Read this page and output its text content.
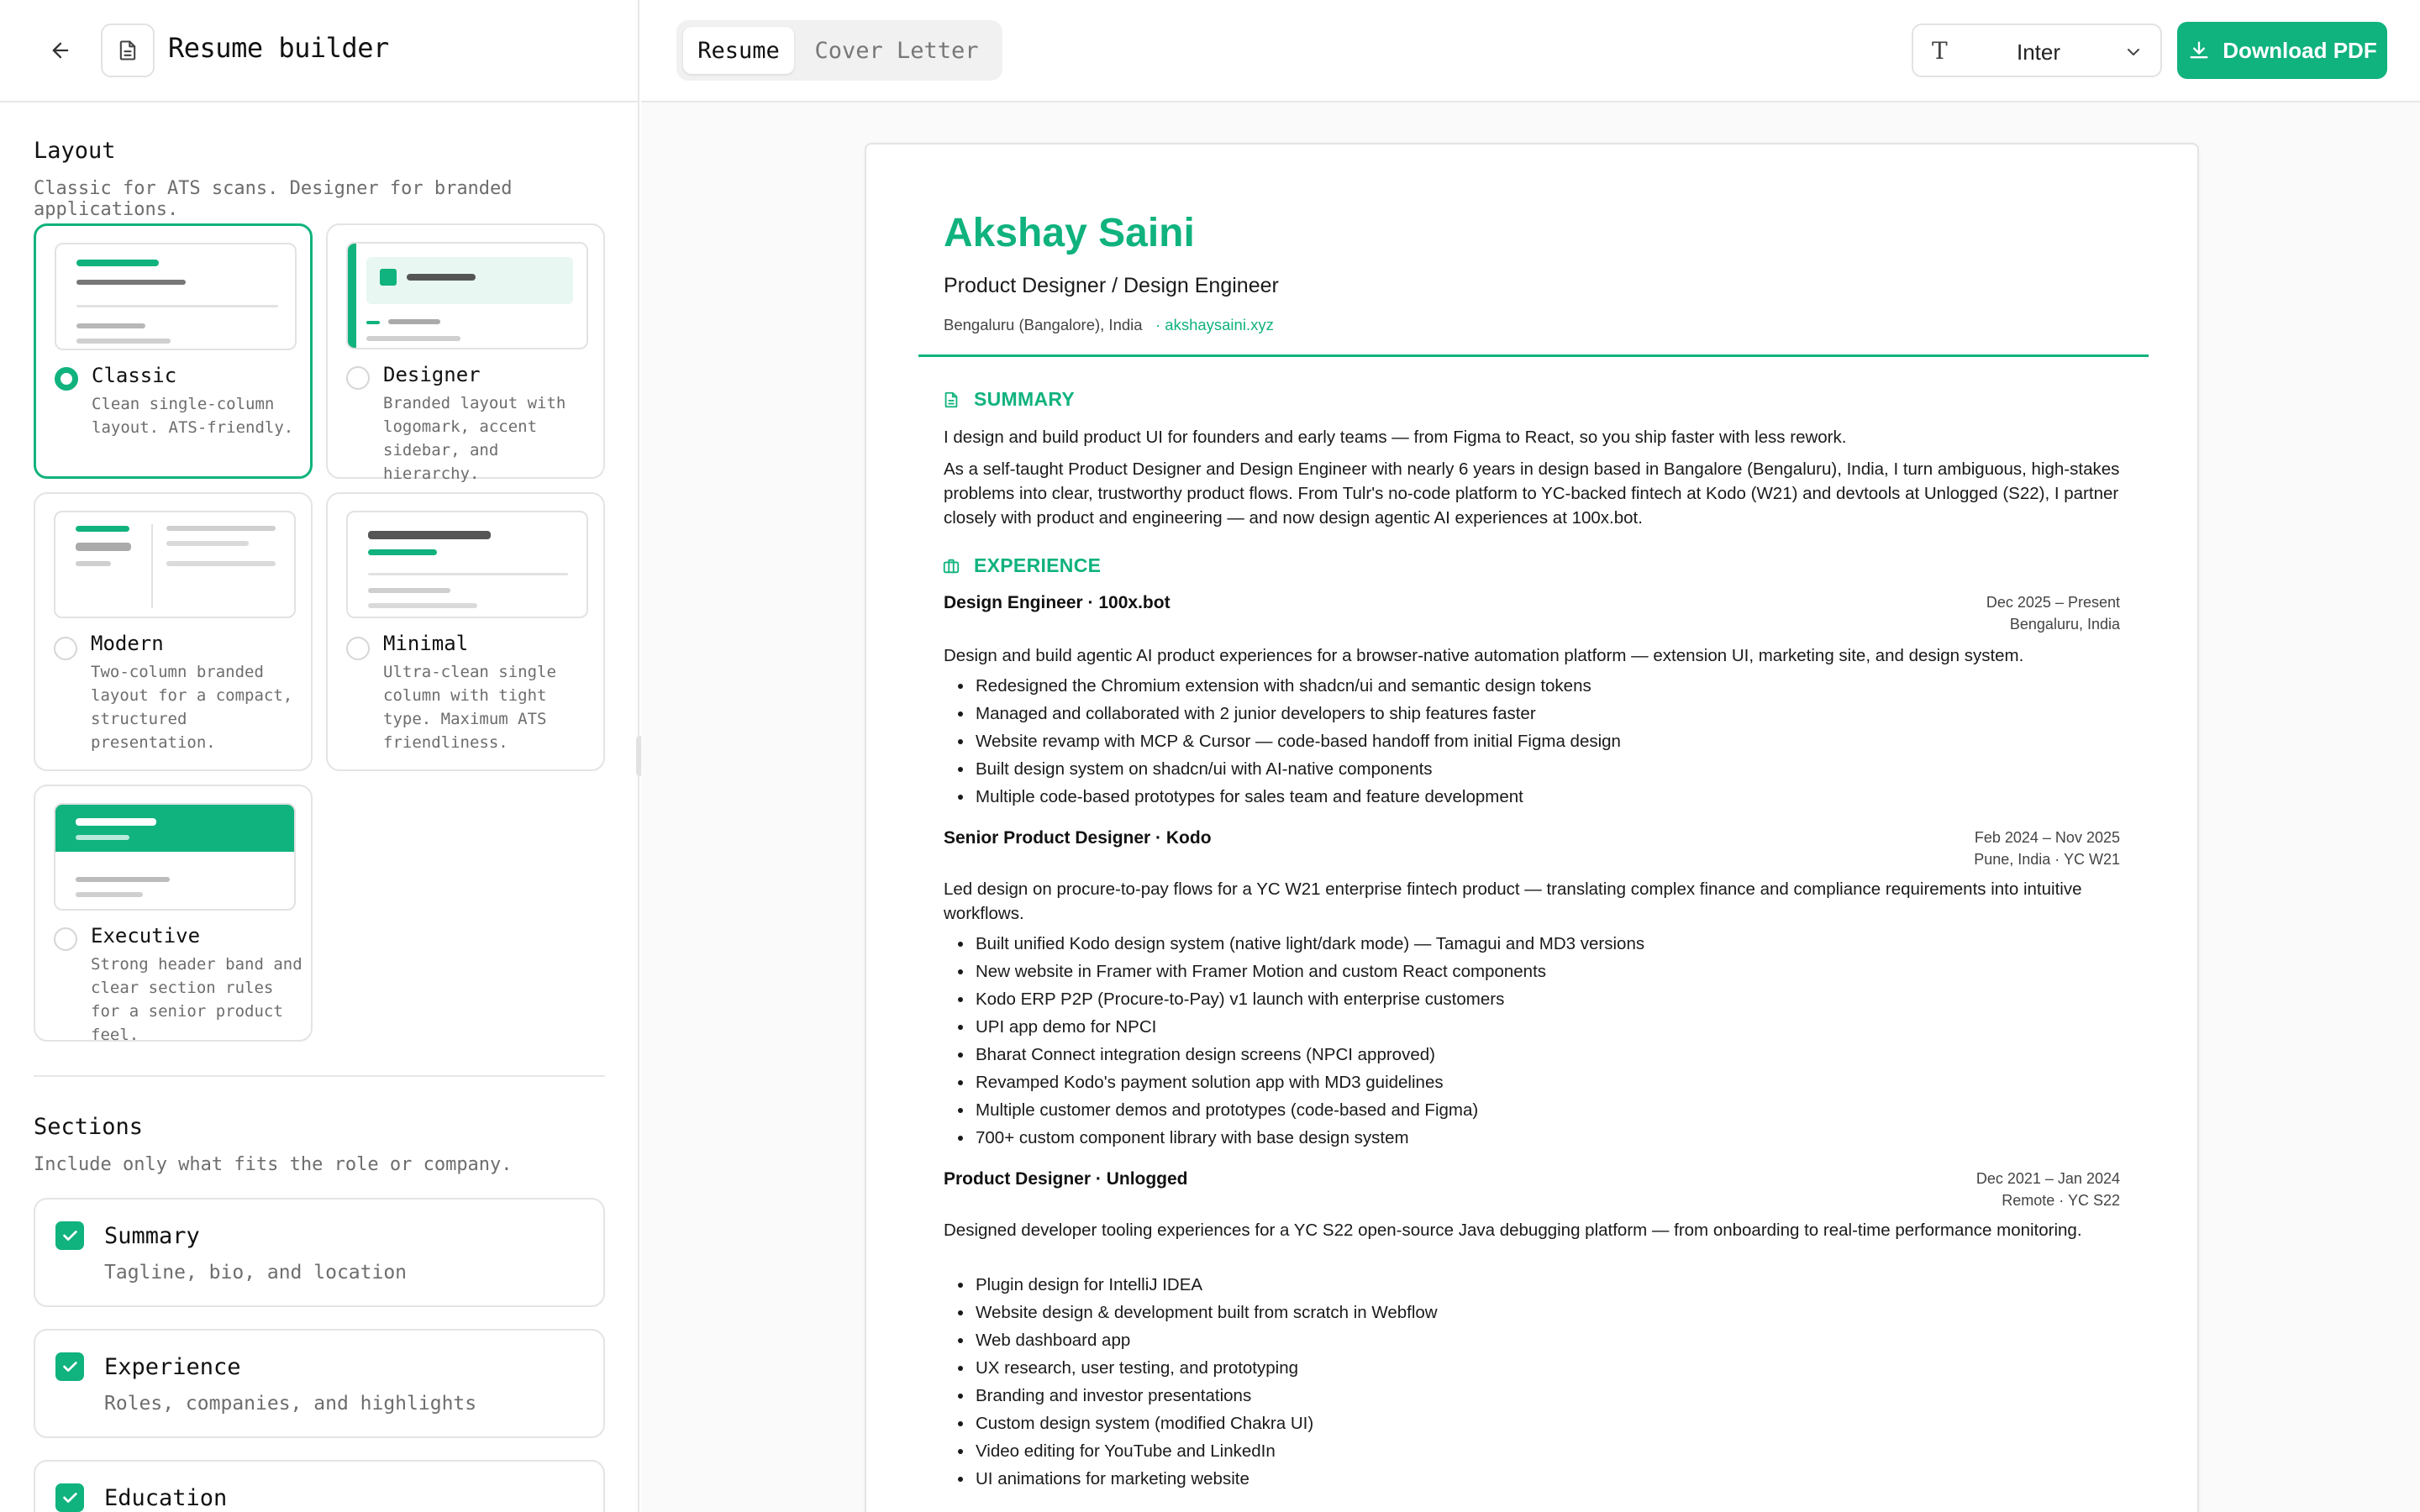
Resume builder
Layout
Classic for ATS scans. Designer for branded applications.
Classic
Clean single-column layout. ATS-friendly.
Designer
Branded layout with logomark, accent sidebar, and hierarchy.
Modern
Two-column branded layout for a compact, structured presentation.
Minimal
Ultra-clean single column with tight type. Maximum ATS friendliness.
Executive
Strong header band and clear section rules for a senior product feel.
Sections
Include only what fits the role or company.
Summary
Tagline, bio, and location
Experience
Roles, companies, and highlights
Education
Resume	Cover Letter	T	Inter	Download PDF
Akshay Saini
Product Designer / Design Engineer
Bengaluru (Bangalore), India · akshaysaini.xyz
SUMMARY
I design and build product UI for founders and early teams — from Figma to React, so you ship faster with less rework.
As a self-taught Product Designer and Design Engineer with nearly 6 years in design based in Bangalore (Bengaluru), India, I turn ambiguous, high-stakes problems into clear, trustworthy product flows. From Tulr's no-code platform to YC-backed fintech at Kodo (W21) and devtools at Unlogged (S22), I partner closely with product and engineering — and now design agentic AI experiences at 100x.bot.
EXPERIENCE
Design Engineer · 100x.bot	Dec 2025 – Present
Bengaluru, India
Design and build agentic AI product experiences for a browser-native automation platform — extension UI, marketing site, and design system.
Redesigned the Chromium extension with shadcn/ui and semantic design tokens
Managed and collaborated with 2 junior developers to ship features faster
Website revamp with MCP & Cursor — code-based handoff from initial Figma design
Built design system on shadcn/ui with AI-native components
Multiple code-based prototypes for sales team and feature development
Senior Product Designer · Kodo	Feb 2024 – Nov 2025
Pune, India · YC W21
Led design on procure-to-pay flows for a YC W21 enterprise fintech product — translating complex finance and compliance requirements into intuitive workflows.
Built unified Kodo design system (native light/dark mode) — Tamagui and MD3 versions
New website in Framer with Framer Motion and custom React components
Kodo ERP P2P (Procure-to-Pay) v1 launch with enterprise customers
UPI app demo for NPCI
Bharat Connect integration design screens (NPCI approved)
Revamped Kodo's payment solution app with MD3 guidelines
Multiple customer demos and prototypes (code-based and Figma)
700+ custom component library with base design system
Product Designer · Unlogged	Dec 2021 – Jan 2024
Remote · YC S22
Designed developer tooling experiences for a YC S22 open-source Java debugging platform — from onboarding to real-time performance monitoring.
Plugin design for IntelliJ IDEA
Website design & development built from scratch in Webflow
Web dashboard app
UX research, user testing, and prototyping
Branding and investor presentations
Custom design system (modified Chakra UI)
Video editing for YouTube and LinkedIn
UI animations for marketing website
